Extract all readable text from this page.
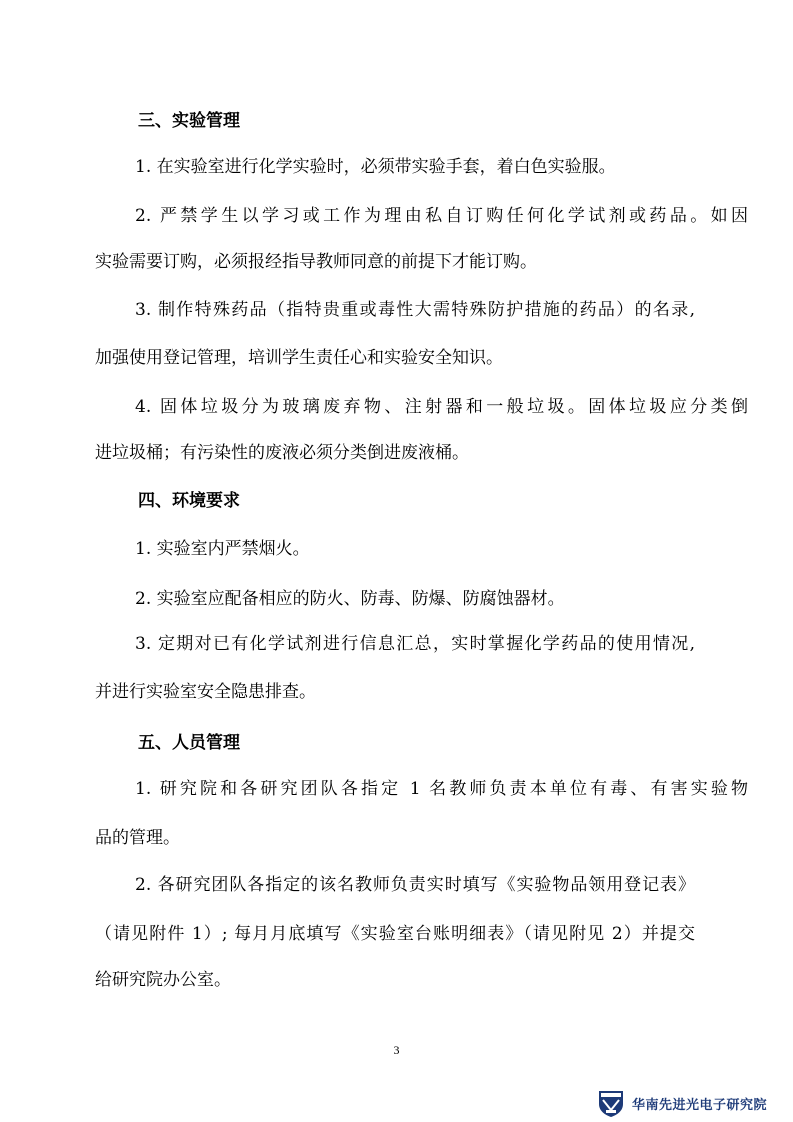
三、实验管理
1. 在实验室进行化学实验时，必须带实验手套，着白色实验服。
2. 严禁学生以学习或工作为理由私自订购任何化学试剂或药品。如因
实验需要订购，必须报经指导教师同意的前提下才能订购。
3. 制作特殊药品（指特贵重或毒性大需特殊防护措施的药品）的名录,
加强使用登记管理，培训学生责任心和实验安全知识。
4. 固体垃圾分为玻璃废弃物、注射器和一般垃圾。固体垃圾应分类倒
进垃圾桶；有污染性的废液必须分类倒进废液桶。
四、环境要求
1. 实验室内严禁烟火。
2. 实验室应配备相应的防火、防毒、防爆、防腐蚀器材。
3. 定期对已有化学试剂进行信息汇总，实时掌握化学药品的使用情况,
并进行实验室安全隐患排查。
五、人员管理
1. 研究院和各研究团队各指定 1 名教师负责本单位有毒、有害实验物
品的管理。
2. 各研究团队各指定的该名教师负责实时填写《实验物品领用登记表》
（请见附件 1）; 每月月底填写《实验室台账明细表》（请见附见 2）并提交
给研究院办公室。
3
华南先进光电子研究院
